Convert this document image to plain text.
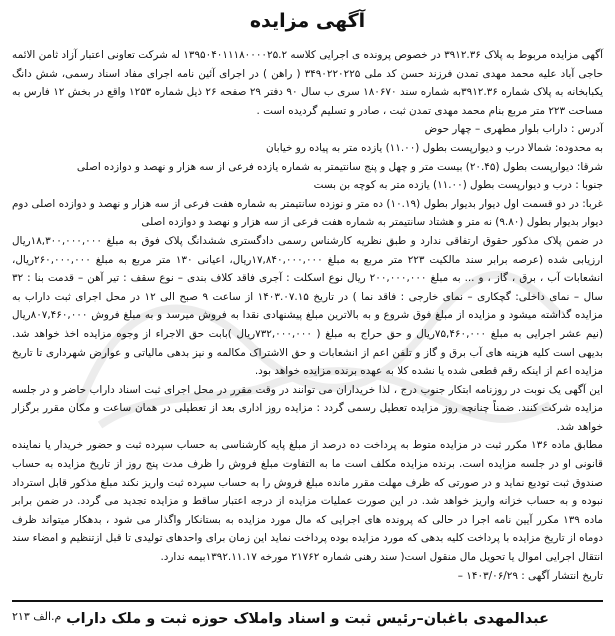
آگهی مزایده

آگهی مزایده مربوط به پلاک ۳۹۱۲.۳۶ در خصوص پرونده ی اجرایی کلاسه ۱۳۹۵۰۴۰۱۱۱۸۰۰۰۰۲۵.۲ له شرکت تعاونی اعتبار آزاد ثامن الائمه حاجی آباد علیه محمد مهدی تمدن فرزند حسن کد ملی ۳۴۹۰۲۲۰۲۲۵ ( راهن ) در اجرای آئین نامه اجرای مفاد اسناد رسمی، شش دانگ یکبابخانه به پلاک شماره ۳۹۱۲.۳۶به شماره سند ۱۸۰۶۷۰ سری ب سال ۹۰ دفتر ۲۹ صفحه ۲۶ ذیل شماره ۱۲۵۳ واقع در بخش ۱۲ فارس به مساحت ۲۲۳ متر مربع بنام محمد مهدی تمدن ثبت ، صادر و تسلیم گردیده است .

آدرس : داراب بلوار مطهری – چهار حوض

به محدوده: شمالا درب و دیوارپست بطول (۱۱.۰۰) یازده متر به پیاده رو خیابان

شرقا: دیوارپست بطول (۲۰.۴۵) بیست متر و چهل و پنج سانتیمتر به شماره یازده فرعی از سه هزار و نهصد و دوازده اصلی

جنوبا : درب و دیوارپست بطول (۱۱.۰۰) یازده متر به کوچه بن بست

غربا: در دو قسمت اول دیوار بدیوار بطول (۱۰.۱۹) ده متر و نوزده سانتیمتر به شماره هفت فرعی از سه هزار و نهصد و دوازده اصلی دوم دیوار بدیوار بطول (۹.۸۰) نه متر و هشتاد سانتیمتر به شماره هفت فرعی از سه هزار و نهصد و دوازده اصلی

در ضمن پلاک مذکور حقوق ارتفاقی ندارد و طبق نظریه کارشناس رسمی دادگستری ششدانگ پلاک فوق به مبلغ ۱۸,۳۰۰,۰۰۰,۰۰۰ریال ارزیابی شده (عرصه برابر سند مالکیت ۲۲۳ متر مربع به مبلغ ۱۷,۸۴۰,۰۰۰,۰۰۰ریال، اعیانی ۱۳۰ متر مربع به مبلغ ۲۶۰,۰۰۰,۰۰۰ریال، انشعابات آب ، برق ، گاز ، و ... به مبلغ ۲۰۰,۰۰۰,۰۰۰ ریال نوع اسکلت : آجری فاقد کلاف بندی – نوع سقف : تیر آهن – قدمت بنا : ۳۲ سال – نمای داخلی: گچکاری – نمای خارجی : فاقد نما ) در تاریخ ۱۴۰۳.۰۷.۱۵ از ساعت ۹ صبح الی ۱۲ در محل اجرای ثبت داراب به مزایده گذاشته میشود و مزایده از مبلغ فوق شروع و به بالاترین مبلغ پیشنهادی نقدا به فروش میرسد و به مبلغ فروش ۸۰۷,۴۶۰,۰۰۰ریال (نیم عشر اجرایی به مبلغ ۷۵,۴۶۰,۰۰۰ریال و حق حراج به مبلغ ( ۷۳۲,۰۰۰,۰۰۰ریال )بابت حق الاجراء از وجوه مزایده اخذ خواهد شد. بدیهی است کلیه هزینه های آب برق و گاز و تلفن اعم از انشعابات و حق الاشتراک مکالمه و نیز بدهی مالیاتی و عوارض شهرداری تا تاریخ مزایده اعم از اینکه رقم قطعی شده یا نشده کلا به عهده برنده مزایده خواهد بود.

این آگهی یک نوبت در روزنامه ابتکار جنوب درج ، لذا خریداران می توانند در وقت مقرر در محل اجرای ثبت اسناد داراب حاضر و در جلسه مزایده شرکت کنند. ضمناً چنانچه روز مزایده تعطیل رسمی گردد : مزایده روز اداری بعد از تعطیلی در همان ساعت و مکان مقرر برگزار خواهد شد.

مطابق ماده ۱۳۶ مکرر ثبت در مزایده متوط به پرداخت ده درصد از مبلغ پایه کارشناسی به حساب سپرده ثبت و حضور خریدار یا نماینده قانونی او در جلسه مزایده است. برنده مزایده مکلف است ما به التفاوت مبلغ فروش را ظرف مدت پنج روز از تاریخ مزایده به حساب صندوق ثبت تودیع نماید و در صورتی که ظرف مهلت مقرر مانده مبلغ فروش را به حساب سپرده ثبت واریز نکند مبلغ مذکور قابل استرداد نبوده و به حساب خزانه واریز خواهد شد. در این صورت عملیات مزایده از درجه اعتبار ساقط و مزایده تجدید می گردد. در ضمن برابر ماده ۱۳۹ مکرر آیین نامه اجرا در حالی که پرونده های اجرایی که مال مورد مزایده به بستانکار واگذار می شود ، بدهکار میتواند ظرف دوماه از تاریخ مزایده با پرداخت کلیه بدهی که مورد مزایده بوده پرداخت نماید این زمان برای واحدهای تولیدی تا قبل ازتنظیم و امضاء سند انتقال اجرایی اموال یا تحویل مال منقول است( سند رهنی شماره ۲۱۷۶۲ مورخه ۱۳۹۲.۱۱.۱۷بیمه ندارد.

تاریخ انتشار آگهی : ۱۴۰۳/۰۶/۲۹ –

عبدالمهدی باغبان–رئیس ثبت و اسناد واملاک حوزه ثبت و ملک داراب
م.الف ۲۱۳
